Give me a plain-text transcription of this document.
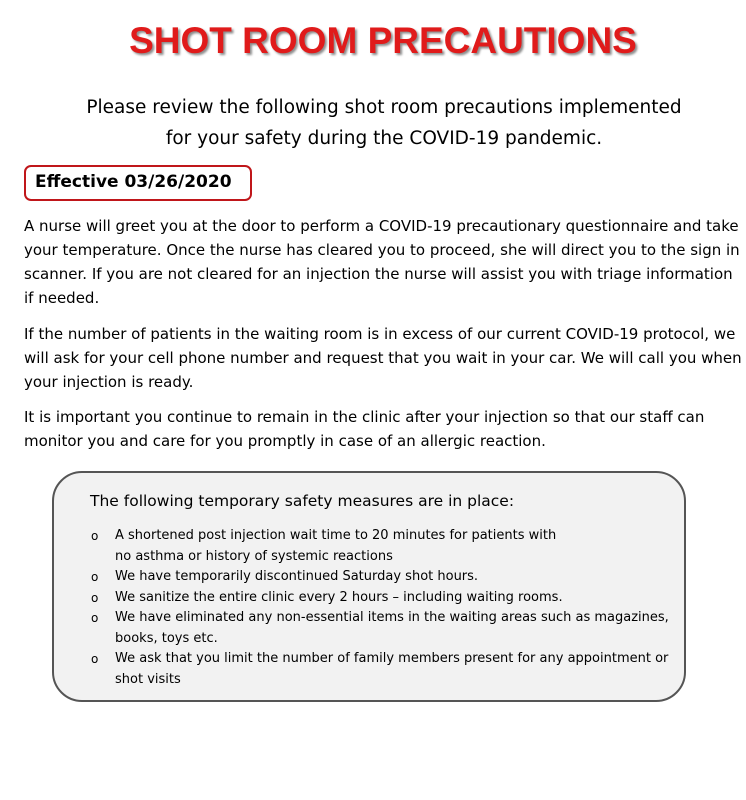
SHOT ROOM PRECAUTIONS
Please review the following shot room precautions implemented
for your safety during the COVID-19 pandemic.
Effective 03/26/2020
A nurse will greet you at the door to perform a COVID-19 precautionary questionnaire and take your temperature. Once the nurse has cleared you to proceed, she will direct you to the sign in scanner. If you are not cleared for an injection the nurse will assist you with triage information if needed.
If the number of patients in the waiting room is in excess of our current COVID-19 protocol, we will ask for your cell phone number and request that you wait in your car. We will call you when your injection is ready.
It is important you continue to remain in the clinic after your injection so that our staff can monitor you and care for you promptly in case of an allergic reaction.
The following temporary safety measures are in place:
o A shortened post injection wait time to 20 minutes for patients with
no asthma or history of systemic reactions
o We have temporarily discontinued Saturday shot hours.
o We sanitize the entire clinic every 2 hours – including waiting rooms.
o We have eliminated any non-essential items in the waiting areas such as magazines,
books, toys etc.
o We ask that you limit the number of family members present for any appointment or
shot visits
